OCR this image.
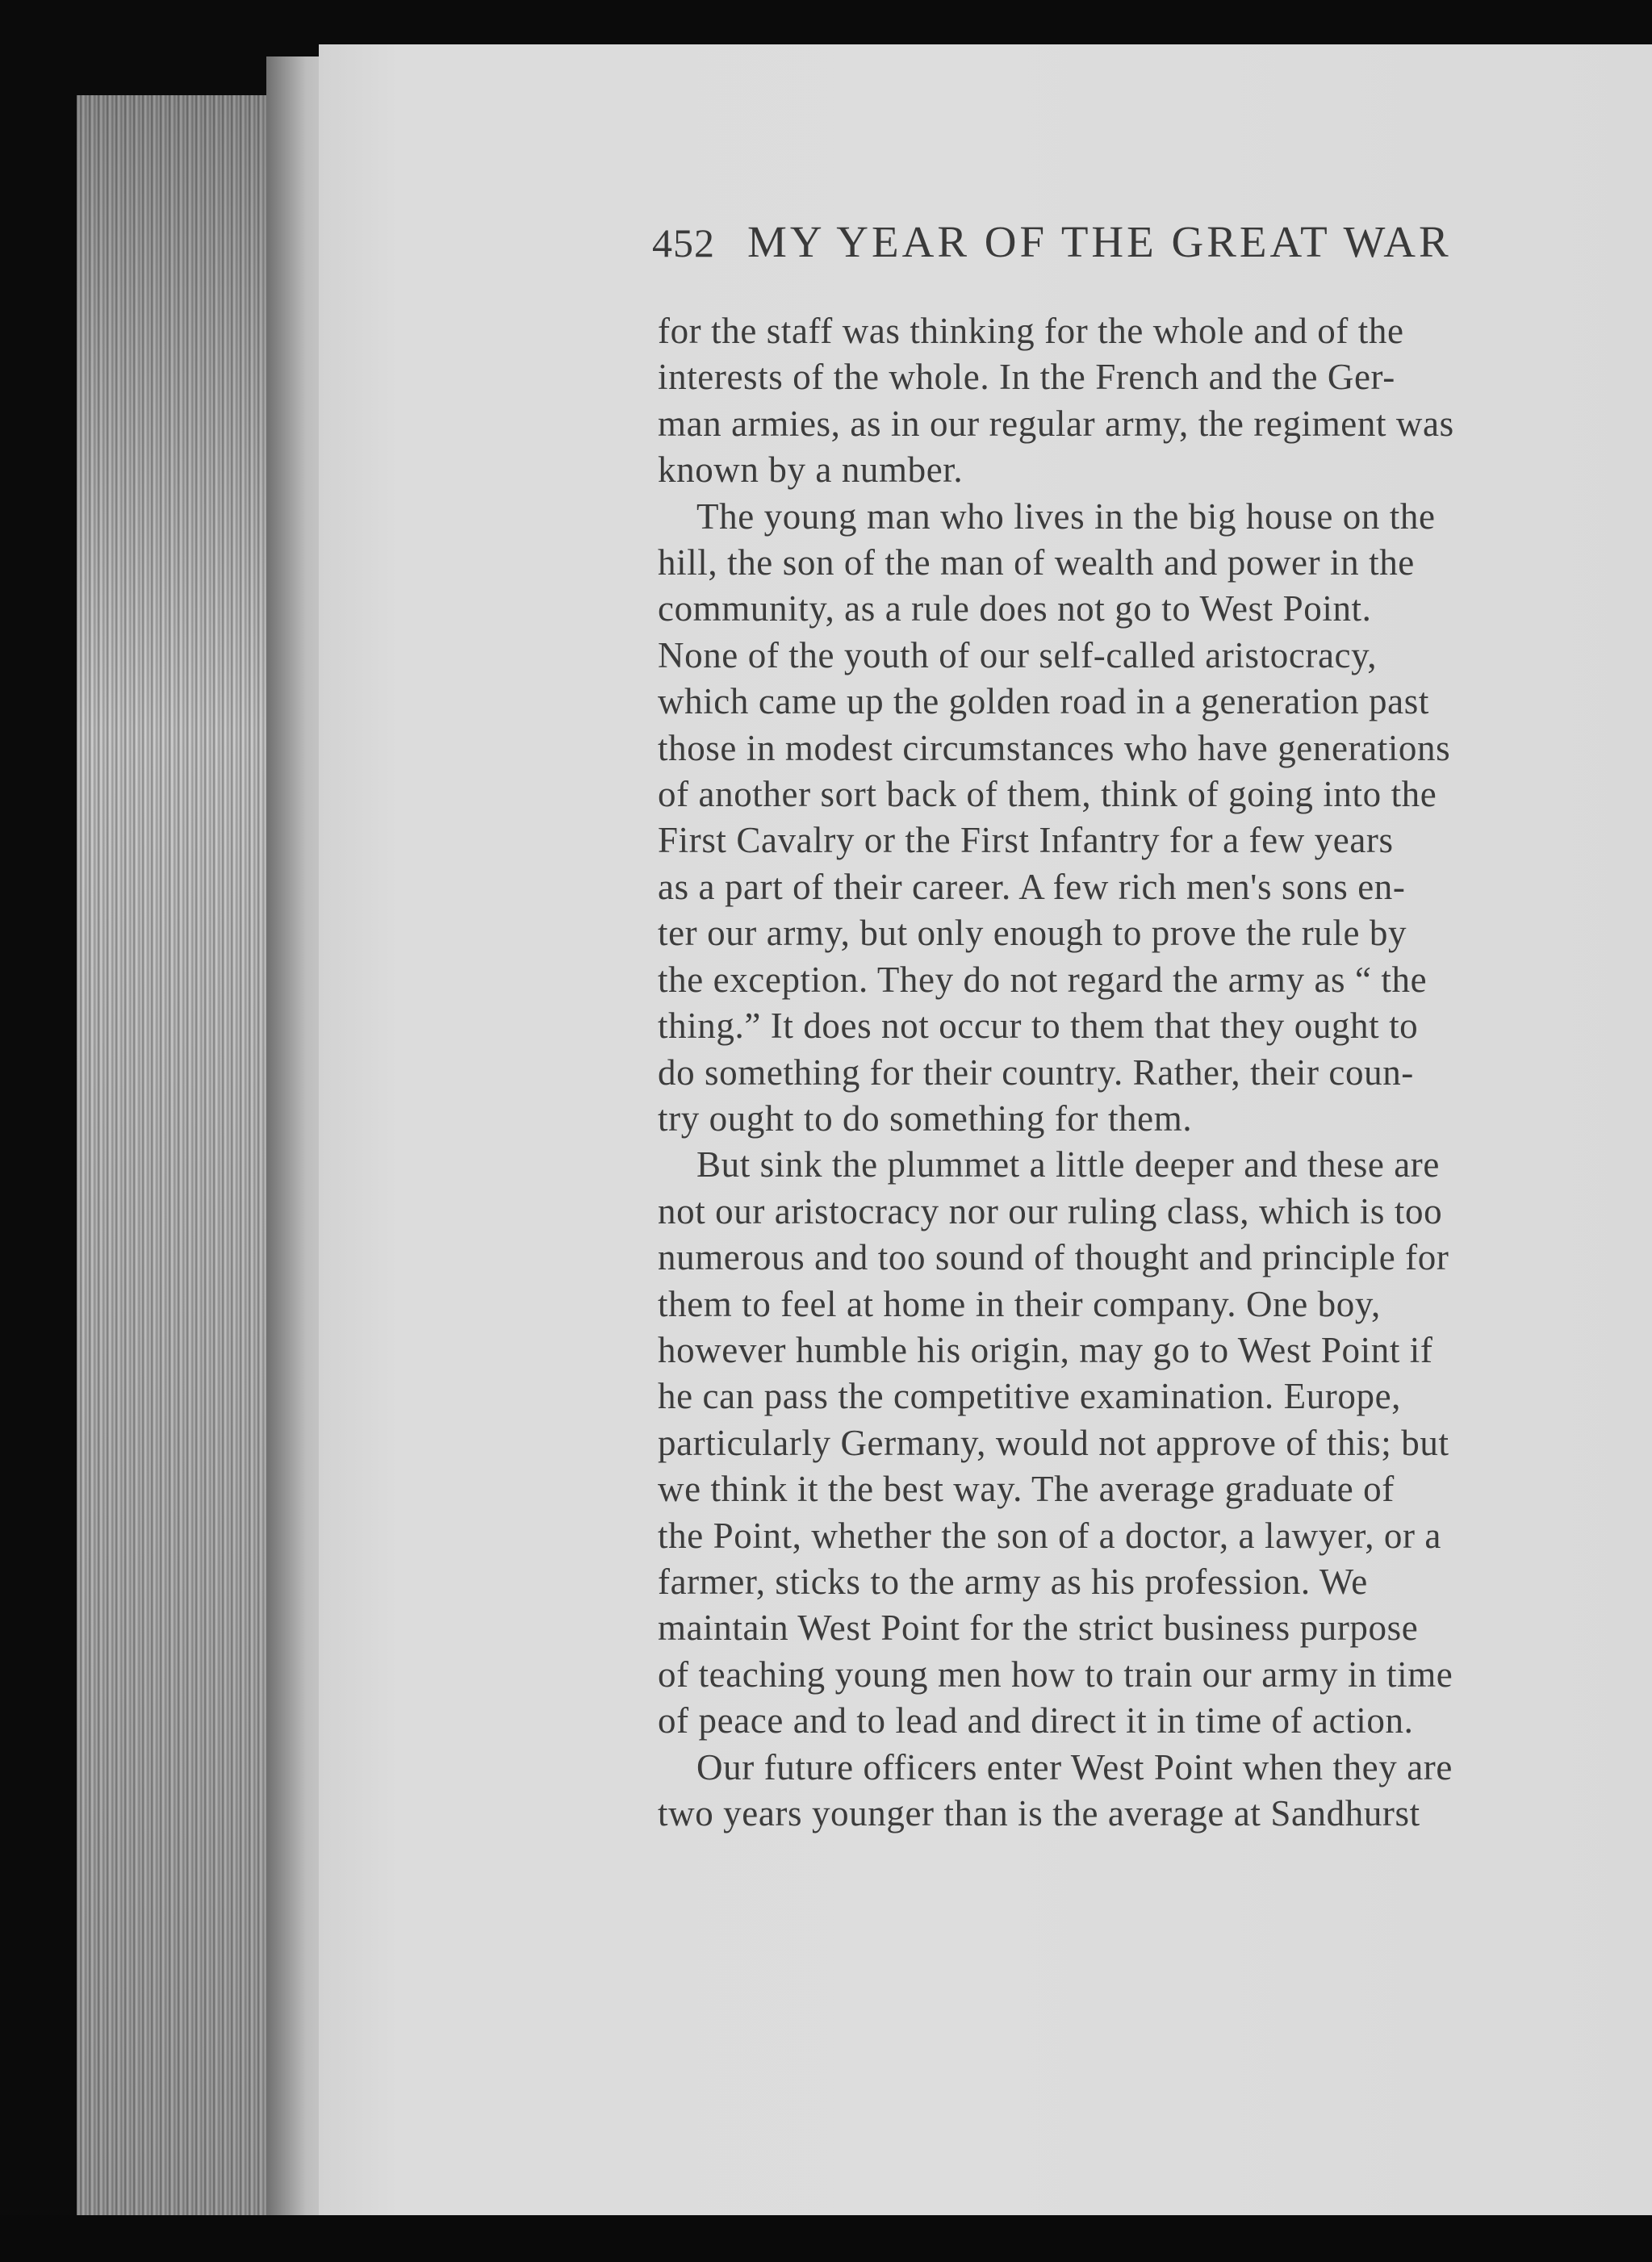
452 MY YEAR OF THE GREAT WAR
for the staff was thinking for the whole and of the
interests of the whole. In the French and the Ger-
man armies, as in our regular army, the regiment was
known by a number.
The young man who lives in the big house on the
hill, the son of the man of wealth and power in the
community, as a rule does not go to West Point.
None of the youth of our self-called aristocracy,
which came up the golden road in a generation past
those in modest circumstances who have generations
of another sort back of them, think of going into the
First Cavalry or the First Infantry for a few years
as a part of their career. A few rich men's sons en-
ter our army, but only enough to prove the rule by
the exception. They do not regard the army as “ the
thing.” It does not occur to them that they ought to
do something for their country. Rather, their coun-
try ought to do something for them.
But sink the plummet a little deeper and these are
not our aristocracy nor our ruling class, which is too
numerous and too sound of thought and principle for
them to feel at home in their company. One boy,
however humble his origin, may go to West Point if
he can pass the competitive examination. Europe,
particularly Germany, would not approve of this; but
we think it the best way. The average graduate of
the Point, whether the son of a doctor, a lawyer, or a
farmer, sticks to the army as his profession. We
maintain West Point for the strict business purpose
of teaching young men how to train our army in time
of peace and to lead and direct it in time of action.
Our future officers enter West Point when they are
two years younger than is the average at Sandhurst
